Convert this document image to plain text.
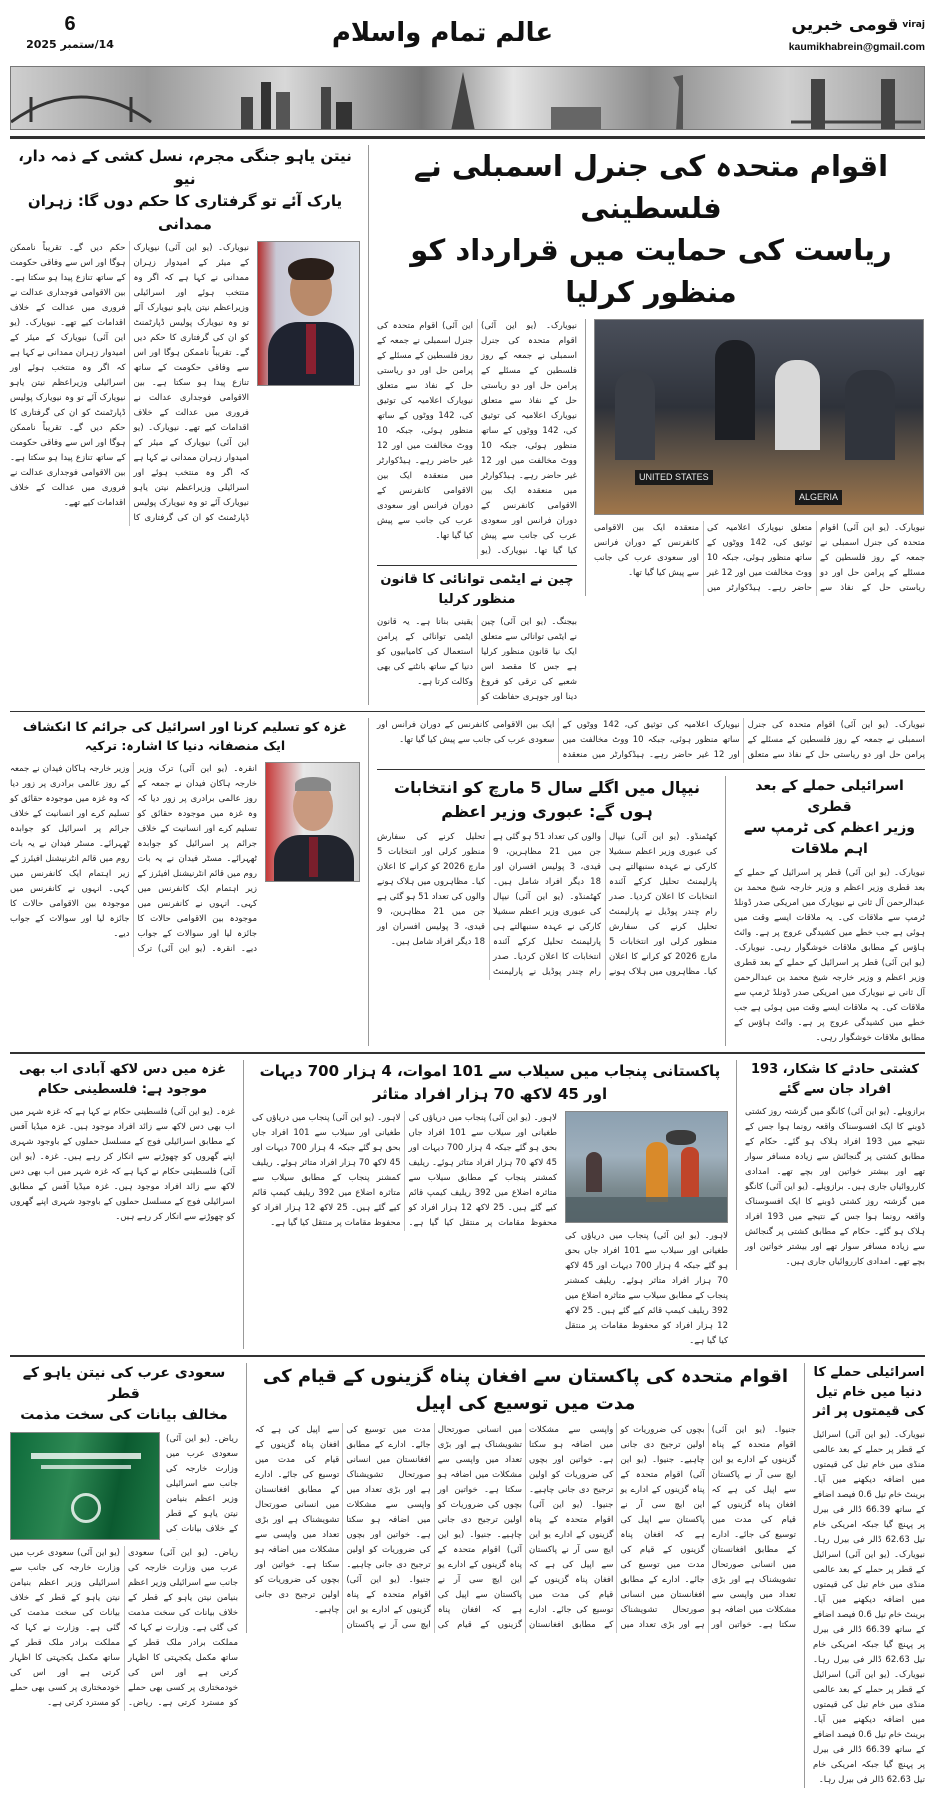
6
14/ستمبر 2025	عالم تمام واسلام	قومی خبریں viraj
kaumikhabrein@gmail.com
نیتن یاہو جنگی مجرم، نسل کشی کے ذمہ دار، نیو
یارک آئے تو گرفتاری کا حکم دوں گا: زہران ممدانی
نیویارک۔ (یو این آئی) نیویارک کے میئر کے امیدوار زہران ممدانی نے کہا ہے کہ اگر وہ منتخب ہوئے اور اسرائیلی وزیراعظم نیتن یاہو نیویارک آئے تو وہ نیویارک پولیس ڈپارٹمنٹ کو ان کی گرفتاری کا حکم دیں گے۔ تقریباً ناممکن ہوگا اور اس سے وفاقی حکومت کے ساتھ تنازع پیدا ہو سکتا ہے۔ بین الاقوامی فوجداری عدالت نے فروری میں عدالت کے خلاف اقدامات کیے تھے۔ نیویارک۔ (یو این آئی) نیویارک کے میئر کے امیدوار زہران ممدانی نے کہا ہے کہ اگر وہ منتخب ہوئے اور اسرائیلی وزیراعظم نیتن یاہو نیویارک آئے تو وہ نیویارک پولیس ڈپارٹمنٹ کو ان کی گرفتاری کا حکم دیں گے۔ تقریباً ناممکن ہوگا اور اس سے وفاقی حکومت کے ساتھ تنازع پیدا ہو سکتا ہے۔ بین الاقوامی فوجداری عدالت نے فروری میں عدالت کے خلاف اقدامات کیے تھے۔ نیویارک۔ (یو این آئی) نیویارک کے میئر کے امیدوار زہران ممدانی نے کہا ہے کہ اگر وہ منتخب ہوئے اور اسرائیلی وزیراعظم نیتن یاہو نیویارک آئے تو وہ نیویارک پولیس ڈپارٹمنٹ کو ان کی گرفتاری کا حکم دیں گے۔ تقریباً ناممکن ہوگا اور اس سے وفاقی حکومت کے ساتھ تنازع پیدا ہو سکتا ہے۔ بین الاقوامی فوجداری عدالت نے فروری میں عدالت کے خلاف اقدامات کیے تھے۔
اقوام متحدہ کی جنرل اسمبلی نے فلسطینی
ریاست کی حمایت میں قرارداد کو منظور کرلیا
نیویارک۔ (یو این آئی) اقوام متحدہ کی جنرل اسمبلی نے جمعہ کے روز فلسطین کے مسئلے کے پرامن حل اور دو ریاستی حل کے نفاذ سے متعلق نیویارک اعلامیہ کی توثیق کی، 142 ووٹوں کے ساتھ منظور ہوئی، جبکہ 10 ووٹ مخالفت میں اور 12 غیر حاضر رہے۔ ہیڈکوارٹر میں منعقدہ ایک بین الاقوامی کانفرنس کے دوران فرانس اور سعودی عرب کی جانب سے پیش کیا گیا تھا۔ نیویارک۔ (یو این آئی) اقوام متحدہ کی جنرل اسمبلی نے جمعہ کے روز فلسطین کے مسئلے کے پرامن حل اور دو ریاستی حل کے نفاذ سے متعلق نیویارک اعلامیہ کی توثیق کی، 142 ووٹوں کے ساتھ منظور ہوئی، جبکہ 10 ووٹ مخالفت میں اور 12 غیر حاضر رہے۔ ہیڈکوارٹر میں منعقدہ ایک بین الاقوامی کانفرنس کے دوران فرانس اور سعودی عرب کی جانب سے پیش کیا گیا تھا۔
چین نے ایٹمی توانائی کا قانون منظور کرلیا
بیجنگ۔ (یو این آئی) چین نے ایٹمی توانائی سے متعلق ایک نیا قانون منظور کرلیا ہے جس کا مقصد اس شعبے کی ترقی کو فروغ دینا اور جوہری حفاظت کو یقینی بنانا ہے۔ یہ قانون ایٹمی توانائی کے پرامن استعمال کی کامیابیوں کو دنیا کے ساتھ بانٹنے کی بھی وکالت کرتا ہے۔
UNITED STATES
ALGERIA
نیویارک۔ (یو این آئی) اقوام متحدہ کی جنرل اسمبلی نے جمعہ کے روز فلسطین کے مسئلے کے پرامن حل اور دو ریاستی حل کے نفاذ سے متعلق نیویارک اعلامیہ کی توثیق کی، 142 ووٹوں کے ساتھ منظور ہوئی، جبکہ 10 ووٹ مخالفت میں اور 12 غیر حاضر رہے۔ ہیڈکوارٹر میں منعقدہ ایک بین الاقوامی کانفرنس کے دوران فرانس اور سعودی عرب کی جانب سے پیش کیا گیا تھا۔
غزہ کو تسلیم کرنا اور اسرائیل کی جرائم کا انکشاف ایک منصفانہ دنیا کا اشارہ: ترکیہ
انقرہ۔ (یو این آئی) ترک وزیر خارجہ ہاکان فیدان نے جمعہ کے روز عالمی برادری پر زور دیا کہ وہ غزہ میں موجودہ حقائق کو تسلیم کرے اور انسانیت کے خلاف جرائم پر اسرائیل کو جوابدہ ٹھہرائے۔ مسٹر فیدان نے یہ بات روم میں قائم انٹرنیشنل افیئرز کے زیر اہتمام ایک کانفرنس میں کہی۔ انہوں نے کانفرنس میں موجودہ بین الاقوامی حالات کا جائزہ لیا اور سوالات کے جواب دیے۔ انقرہ۔ (یو این آئی) ترک وزیر خارجہ ہاکان فیدان نے جمعہ کے روز عالمی برادری پر زور دیا کہ وہ غزہ میں موجودہ حقائق کو تسلیم کرے اور انسانیت کے خلاف جرائم پر اسرائیل کو جوابدہ ٹھہرائے۔ مسٹر فیدان نے یہ بات روم میں قائم انٹرنیشنل افیئرز کے زیر اہتمام ایک کانفرنس میں کہی۔ انہوں نے کانفرنس میں موجودہ بین الاقوامی حالات کا جائزہ لیا اور سوالات کے جواب دیے۔
نیویارک۔ (یو این آئی) اقوام متحدہ کی جنرل اسمبلی نے جمعہ کے روز فلسطین کے مسئلے کے پرامن حل اور دو ریاستی حل کے نفاذ سے متعلق نیویارک اعلامیہ کی توثیق کی، 142 ووٹوں کے ساتھ منظور ہوئی، جبکہ 10 ووٹ مخالفت میں اور 12 غیر حاضر رہے۔ ہیڈکوارٹر میں منعقدہ ایک بین الاقوامی کانفرنس کے دوران فرانس اور سعودی عرب کی جانب سے پیش کیا گیا تھا۔
نیپال میں اگلے سال 5 مارچ کو انتخابات ہوں گے: عبوری وزیر اعظم
کھٹمنڈو۔ (یو این آئی) نیپال کی عبوری وزیر اعظم سشیلا کارکی نے عہدہ سنبھالتے ہی پارلیمنٹ تحلیل کرکے آئندہ انتخابات کا اعلان کردیا۔ صدر رام چندر پوڈیل نے پارلیمنٹ تحلیل کرنے کی سفارش منظور کرلی اور انتخابات 5 مارچ 2026 کو کرانے کا اعلان کیا۔ مظاہروں میں ہلاک ہونے والوں کی تعداد 51 ہو گئی ہے جن میں 21 مظاہرین، 9 قیدی، 3 پولیس افسران اور 18 دیگر افراد شامل ہیں۔ کھٹمنڈو۔ (یو این آئی) نیپال کی عبوری وزیر اعظم سشیلا کارکی نے عہدہ سنبھالتے ہی پارلیمنٹ تحلیل کرکے آئندہ انتخابات کا اعلان کردیا۔ صدر رام چندر پوڈیل نے پارلیمنٹ تحلیل کرنے کی سفارش منظور کرلی اور انتخابات 5 مارچ 2026 کو کرانے کا اعلان کیا۔ مظاہروں میں ہلاک ہونے والوں کی تعداد 51 ہو گئی ہے جن میں 21 مظاہرین، 9 قیدی، 3 پولیس افسران اور 18 دیگر افراد شامل ہیں۔
اسرائیلی حملے کے بعد قطری
وزیر اعظم کی ٹرمپ سے اہم ملاقات
نیویارک۔ (یو این آئی) قطر پر اسرائیل کے حملے کے بعد قطری وزیر اعظم و وزیر خارجہ شیخ محمد بن عبدالرحمن آل ثانی نے نیویارک میں امریکی صدر ڈونلڈ ٹرمپ سے ملاقات کی۔ یہ ملاقات ایسے وقت میں ہوئی ہے جب خطے میں کشیدگی عروج پر ہے۔ وائٹ ہاؤس کے مطابق ملاقات خوشگوار رہی۔ نیویارک۔ (یو این آئی) قطر پر اسرائیل کے حملے کے بعد قطری وزیر اعظم و وزیر خارجہ شیخ محمد بن عبدالرحمن آل ثانی نے نیویارک میں امریکی صدر ڈونلڈ ٹرمپ سے ملاقات کی۔ یہ ملاقات ایسے وقت میں ہوئی ہے جب خطے میں کشیدگی عروج پر ہے۔ وائٹ ہاؤس کے مطابق ملاقات خوشگوار رہی۔
غزہ میں دس لاکھ آبادی اب بھی موجود ہے: فلسطینی حکام
غزہ۔ (یو این آئی) فلسطینی حکام نے کہا ہے کہ غزہ شہر میں اب بھی دس لاکھ سے زائد افراد موجود ہیں۔ غزہ میڈیا آفس کے مطابق اسرائیلی فوج کے مسلسل حملوں کے باوجود شہری اپنے گھروں کو چھوڑنے سے انکار کر رہے ہیں۔ غزہ۔ (یو این آئی) فلسطینی حکام نے کہا ہے کہ غزہ شہر میں اب بھی دس لاکھ سے زائد افراد موجود ہیں۔ غزہ میڈیا آفس کے مطابق اسرائیلی فوج کے مسلسل حملوں کے باوجود شہری اپنے گھروں کو چھوڑنے سے انکار کر رہے ہیں۔
پاکستانی پنجاب میں سیلاب سے 101 اموات، 4 ہزار 700 دیہات اور 45 لاکھ 70 ہزار افراد متاثر
لاہور۔ (یو این آئی) پنجاب میں دریاؤں کی طغیانی اور سیلاب سے 101 افراد جاں بحق ہو گئے جبکہ 4 ہزار 700 دیہات اور 45 لاکھ 70 ہزار افراد متاثر ہوئے۔ ریلیف کمشنر پنجاب کے مطابق سیلاب سے متاثرہ اضلاع میں 392 ریلیف کیمپ قائم کیے گئے ہیں۔ 25 لاکھ 12 ہزار افراد کو محفوظ مقامات پر منتقل کیا گیا ہے۔ لاہور۔ (یو این آئی) پنجاب میں دریاؤں کی طغیانی اور سیلاب سے 101 افراد جاں بحق ہو گئے جبکہ 4 ہزار 700 دیہات اور 45 لاکھ 70 ہزار افراد متاثر ہوئے۔ ریلیف کمشنر پنجاب کے مطابق سیلاب سے متاثرہ اضلاع میں 392 ریلیف کیمپ قائم کیے گئے ہیں۔ 25 لاکھ 12 ہزار افراد کو محفوظ مقامات پر منتقل کیا گیا ہے۔
لاہور۔ (یو این آئی) پنجاب میں دریاؤں کی طغیانی اور سیلاب سے 101 افراد جاں بحق ہو گئے جبکہ 4 ہزار 700 دیہات اور 45 لاکھ 70 ہزار افراد متاثر ہوئے۔ ریلیف کمشنر پنجاب کے مطابق سیلاب سے متاثرہ اضلاع میں 392 ریلیف کیمپ قائم کیے گئے ہیں۔ 25 لاکھ 12 ہزار افراد کو محفوظ مقامات پر منتقل کیا گیا ہے۔
کشتی حادثے کا شکار، 193 افراد جان سے گئے
برازویلے۔ (یو این آئی) کانگو میں گزشتہ روز کشتی ڈوبنے کا ایک افسوسناک واقعہ رونما ہوا جس کے نتیجے میں 193 افراد ہلاک ہو گئے۔ حکام کے مطابق کشتی پر گنجائش سے زیادہ مسافر سوار تھے اور بیشتر خواتین اور بچے تھے۔ امدادی کارروائیاں جاری ہیں۔ برازویلے۔ (یو این آئی) کانگو میں گزشتہ روز کشتی ڈوبنے کا ایک افسوسناک واقعہ رونما ہوا جس کے نتیجے میں 193 افراد ہلاک ہو گئے۔ حکام کے مطابق کشتی پر گنجائش سے زیادہ مسافر سوار تھے اور بیشتر خواتین اور بچے تھے۔ امدادی کارروائیاں جاری ہیں۔
سعودی عرب کی نیتن یاہو کے قطر
مخالف بیانات کی سخت مذمت
ریاض۔ (یو این آئی) سعودی عرب میں وزارت خارجہ کی جانب سے اسرائیلی وزیر اعظم بنیامن نیتن یاہو کے قطر کے خلاف بیانات کی
ریاض۔ (یو این آئی) سعودی عرب میں وزارت خارجہ کی جانب سے اسرائیلی وزیر اعظم بنیامن نیتن یاہو کے قطر کے خلاف بیانات کی سخت مذمت کی گئی ہے۔ وزارت نے کہا کہ مملکت برادر ملک قطر کے ساتھ مکمل یکجہتی کا اظہار کرتی ہے اور اس کی خودمختاری پر کسی بھی حملے کو مسترد کرتی ہے۔ ریاض۔ (یو این آئی) سعودی عرب میں وزارت خارجہ کی جانب سے اسرائیلی وزیر اعظم بنیامن نیتن یاہو کے قطر کے خلاف بیانات کی سخت مذمت کی گئی ہے۔ وزارت نے کہا کہ مملکت برادر ملک قطر کے ساتھ مکمل یکجہتی کا اظہار کرتی ہے اور اس کی خودمختاری پر کسی بھی حملے کو مسترد کرتی ہے۔
اقوام متحدہ کی پاکستان سے افغان پناہ گزینوں کے قیام کی مدت میں توسیع کی اپیل
جنیوا۔ (یو این آئی) اقوام متحدہ کے پناہ گزینوں کے ادارے یو این ایچ سی آر نے پاکستان سے اپیل کی ہے کہ افغان پناہ گزینوں کے قیام کی مدت میں توسیع کی جائے۔ ادارے کے مطابق افغانستان میں انسانی صورتحال تشویشناک ہے اور بڑی تعداد میں واپسی سے مشکلات میں اضافہ ہو سکتا ہے۔ خواتین اور بچوں کی ضروریات کو اولین ترجیح دی جانی چاہیے۔ جنیوا۔ (یو این آئی) اقوام متحدہ کے پناہ گزینوں کے ادارے یو این ایچ سی آر نے پاکستان سے اپیل کی ہے کہ افغان پناہ گزینوں کے قیام کی مدت میں توسیع کی جائے۔ ادارے کے مطابق افغانستان میں انسانی صورتحال تشویشناک ہے اور بڑی تعداد میں واپسی سے مشکلات میں اضافہ ہو سکتا ہے۔ خواتین اور بچوں کی ضروریات کو اولین ترجیح دی جانی چاہیے۔ جنیوا۔ (یو این آئی) اقوام متحدہ کے پناہ گزینوں کے ادارے یو این ایچ سی آر نے پاکستان سے اپیل کی ہے کہ افغان پناہ گزینوں کے قیام کی مدت میں توسیع کی جائے۔ ادارے کے مطابق افغانستان میں انسانی صورتحال تشویشناک ہے اور بڑی تعداد میں واپسی سے مشکلات میں اضافہ ہو سکتا ہے۔ خواتین اور بچوں کی ضروریات کو اولین ترجیح دی جانی چاہیے۔ جنیوا۔ (یو این آئی) اقوام متحدہ کے پناہ گزینوں کے ادارے یو این ایچ سی آر نے پاکستان سے اپیل کی ہے کہ افغان پناہ گزینوں کے قیام کی مدت میں توسیع کی جائے۔ ادارے کے مطابق افغانستان میں انسانی صورتحال تشویشناک ہے اور بڑی تعداد میں واپسی سے مشکلات میں اضافہ ہو سکتا ہے۔ خواتین اور بچوں کی ضروریات کو اولین ترجیح دی جانی چاہیے۔ جنیوا۔ (یو این آئی) اقوام متحدہ کے پناہ گزینوں کے ادارے یو این ایچ سی آر نے پاکستان سے اپیل کی ہے کہ افغان پناہ گزینوں کے قیام کی مدت میں توسیع کی جائے۔ ادارے کے مطابق افغانستان میں انسانی صورتحال تشویشناک ہے اور بڑی تعداد میں واپسی سے مشکلات میں اضافہ ہو سکتا ہے۔ خواتین اور بچوں کی ضروریات کو اولین ترجیح دی جانی چاہیے۔
اسرائیلی حملے کا دنیا میں خام تیل کی قیمتوں پر اثر
نیویارک۔ (یو این آئی) اسرائیل کے قطر پر حملے کے بعد عالمی منڈی میں خام تیل کی قیمتوں میں اضافہ دیکھنے میں آیا۔ برینٹ خام تیل 0.6 فیصد اضافے کے ساتھ 66.39 ڈالر فی بیرل پر پہنچ گیا جبکہ امریکی خام تیل 62.63 ڈالر فی بیرل رہا۔ نیویارک۔ (یو این آئی) اسرائیل کے قطر پر حملے کے بعد عالمی منڈی میں خام تیل کی قیمتوں میں اضافہ دیکھنے میں آیا۔ برینٹ خام تیل 0.6 فیصد اضافے کے ساتھ 66.39 ڈالر فی بیرل پر پہنچ گیا جبکہ امریکی خام تیل 62.63 ڈالر فی بیرل رہا۔ نیویارک۔ (یو این آئی) اسرائیل کے قطر پر حملے کے بعد عالمی منڈی میں خام تیل کی قیمتوں میں اضافہ دیکھنے میں آیا۔ برینٹ خام تیل 0.6 فیصد اضافے کے ساتھ 66.39 ڈالر فی بیرل پر پہنچ گیا جبکہ امریکی خام تیل 62.63 ڈالر فی بیرل رہا۔
